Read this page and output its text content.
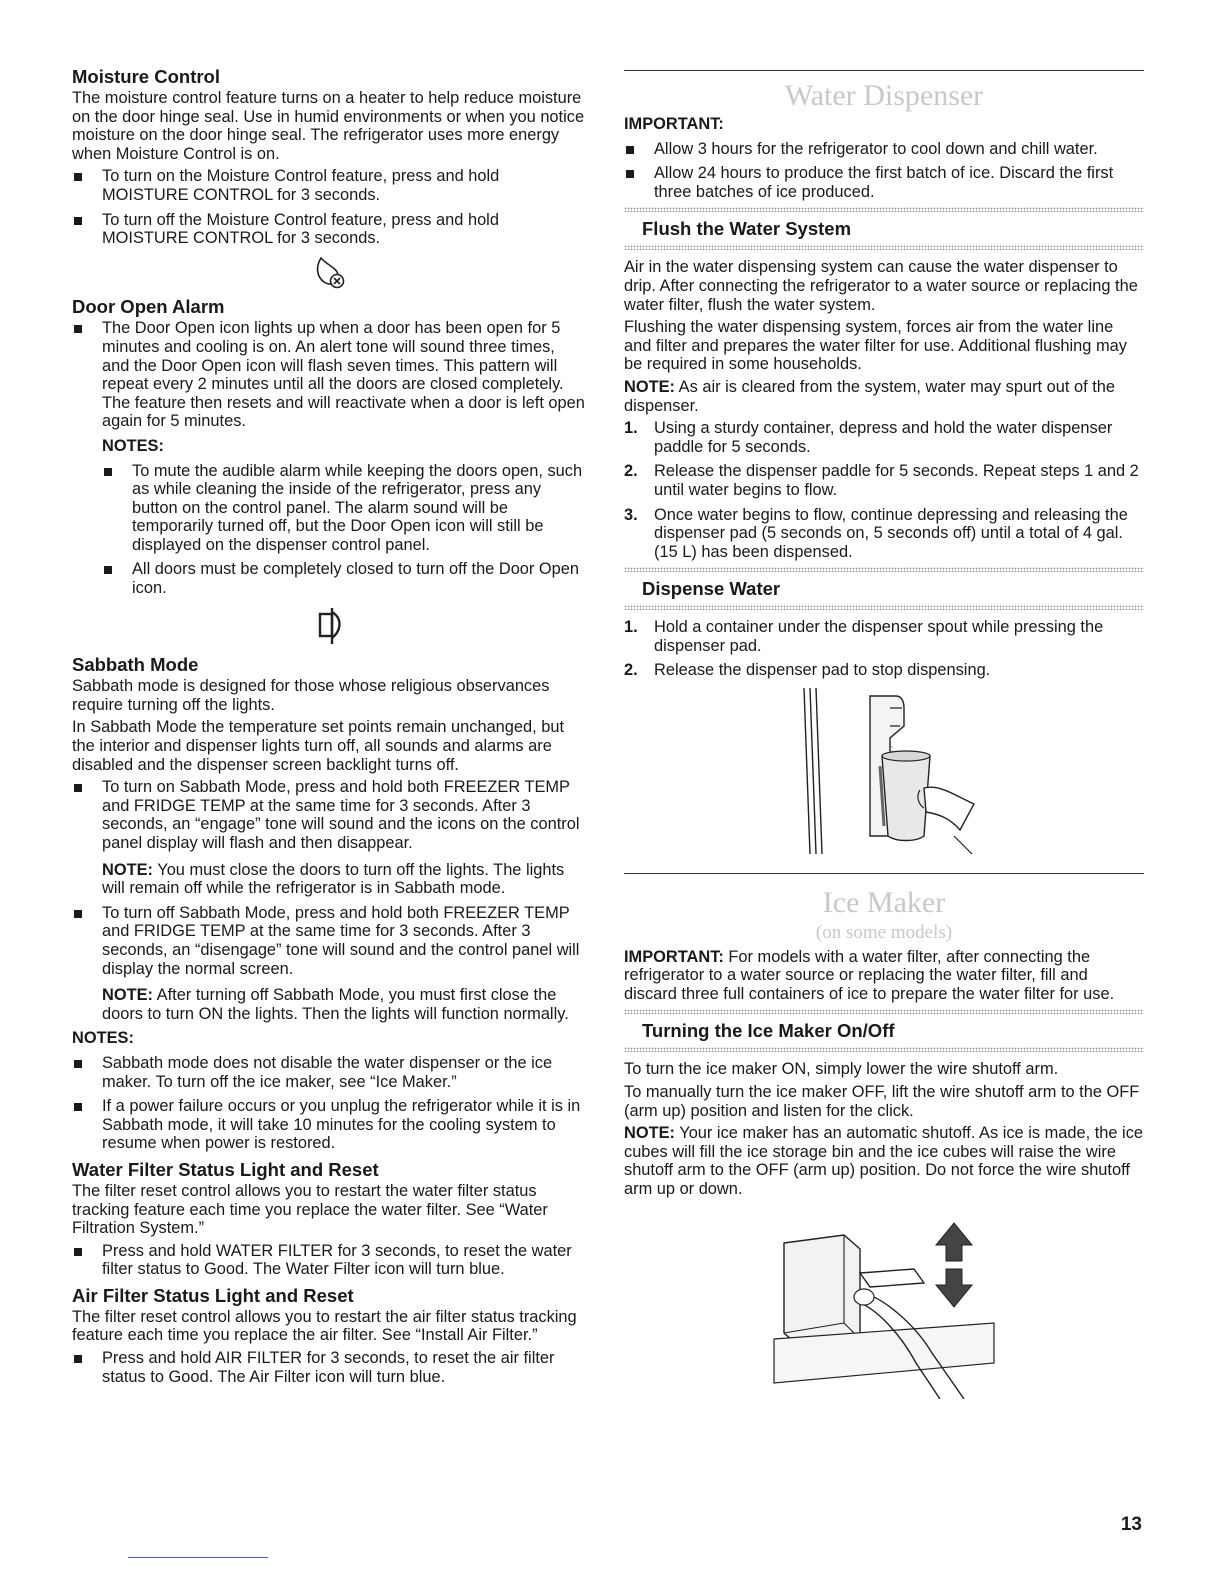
Moisture Control

The moisture control feature turns on a heater to help reduce moisture on the door hinge seal. Use in humid environments or when you notice moisture on the door hinge seal. The refrigerator uses more energy when Moisture Control is on.

To turn on the Moisture Control feature, press and hold MOISTURE CONTROL for 3 seconds.
To turn off the Moisture Control feature, press and hold MOISTURE CONTROL for 3 seconds.
Door Open Alarm
The Door Open icon lights up when a door has been open for 5 minutes and cooling is on. An alert tone will sound three times, and the Door Open icon will flash seven times. This pattern will repeat every 2 minutes until all the doors are closed completely. The feature then resets and will reactivate when a door is left open again for 5 minutes.
NOTES:
To mute the audible alarm while keeping the doors open, such as while cleaning the inside of the refrigerator, press any button on the control panel. The alarm sound will be temporarily turned off, but the Door Open icon will still be displayed on the dispenser control panel.
All doors must be completely closed to turn off the Door Open icon.
Sabbath Mode

Sabbath mode is designed for those whose religious observances require turning off the lights.

In Sabbath Mode the temperature set points remain unchanged, but the interior and dispenser lights turn off, all sounds and alarms are disabled and the dispenser screen backlight turns off.

To turn on Sabbath Mode, press and hold both FREEZER TEMP and FRIDGE TEMP at the same time for 3 seconds. After 3 seconds, an “engage” tone will sound and the icons on the control panel display will flash and then disappear.
NOTE: You must close the doors to turn off the lights. The lights will remain off while the refrigerator is in Sabbath mode.
To turn off Sabbath Mode, press and hold both FREEZER TEMP and FRIDGE TEMP at the same time for 3 seconds. After 3 seconds, an “disengage” tone will sound and the control panel will display the normal screen.
NOTE: After turning off Sabbath Mode, you must first close the doors to turn ON the lights. Then the lights will function normally.
NOTES:
Sabbath mode does not disable the water dispenser or the ice maker. To turn off the ice maker, see “Ice Maker.”
If a power failure occurs or you unplug the refrigerator while it is in Sabbath mode, it will take 10 minutes for the cooling system to resume when power is restored.
Water Filter Status Light and Reset

The filter reset control allows you to restart the water filter status tracking feature each time you replace the water filter. See “Water Filtration System.”

Press and hold WATER FILTER for 3 seconds, to reset the water filter status to Good. The Water Filter icon will turn blue.
Air Filter Status Light and Reset

The filter reset control allows you to restart the air filter status tracking feature each time you replace the air filter. See “Install Air Filter.”

Press and hold AIR FILTER for 3 seconds, to reset the air filter status to Good. The Air Filter icon will turn blue.
Water Dispenser
IMPORTANT:
Allow 3 hours for the refrigerator to cool down and chill water.
Allow 24 hours to produce the first batch of ice. Discard the first three batches of ice produced.
Flush the Water System

Air in the water dispensing system can cause the water dispenser to drip. After connecting the refrigerator to a water source or replacing the water filter, flush the water system.

Flushing the water dispensing system, forces air from the water line and filter and prepares the water filter for use. Additional flushing may be required in some households.

NOTE: As air is cleared from the system, water may spurt out of the dispenser.

1. Using a sturdy container, depress and hold the water dispenser paddle for 5 seconds.
2. Release the dispenser paddle for 5 seconds. Repeat steps 1 and 2 until water begins to flow.
3. Once water begins to flow, continue depressing and releasing the dispenser pad (5 seconds on, 5 seconds off) until a total of 4 gal. (15 L) has been dispensed.
Dispense Water
1. Hold a container under the dispenser spout while pressing the dispenser pad.
2. Release the dispenser pad to stop dispensing.
Ice Maker
(on some models)

IMPORTANT: For models with a water filter, after connecting the refrigerator to a water source or replacing the water filter, fill and discard three full containers of ice to prepare the water filter for use.

Turning the Ice Maker On/Off

To turn the ice maker ON, simply lower the wire shutoff arm.

To manually turn the ice maker OFF, lift the wire shutoff arm to the OFF (arm up) position and listen for the click.

NOTE: Your ice maker has an automatic shutoff. As ice is made, the ice cubes will fill the ice storage bin and the ice cubes will raise the wire shutoff arm to the OFF (arm up) position. Do not force the wire shutoff arm up or down.

13
